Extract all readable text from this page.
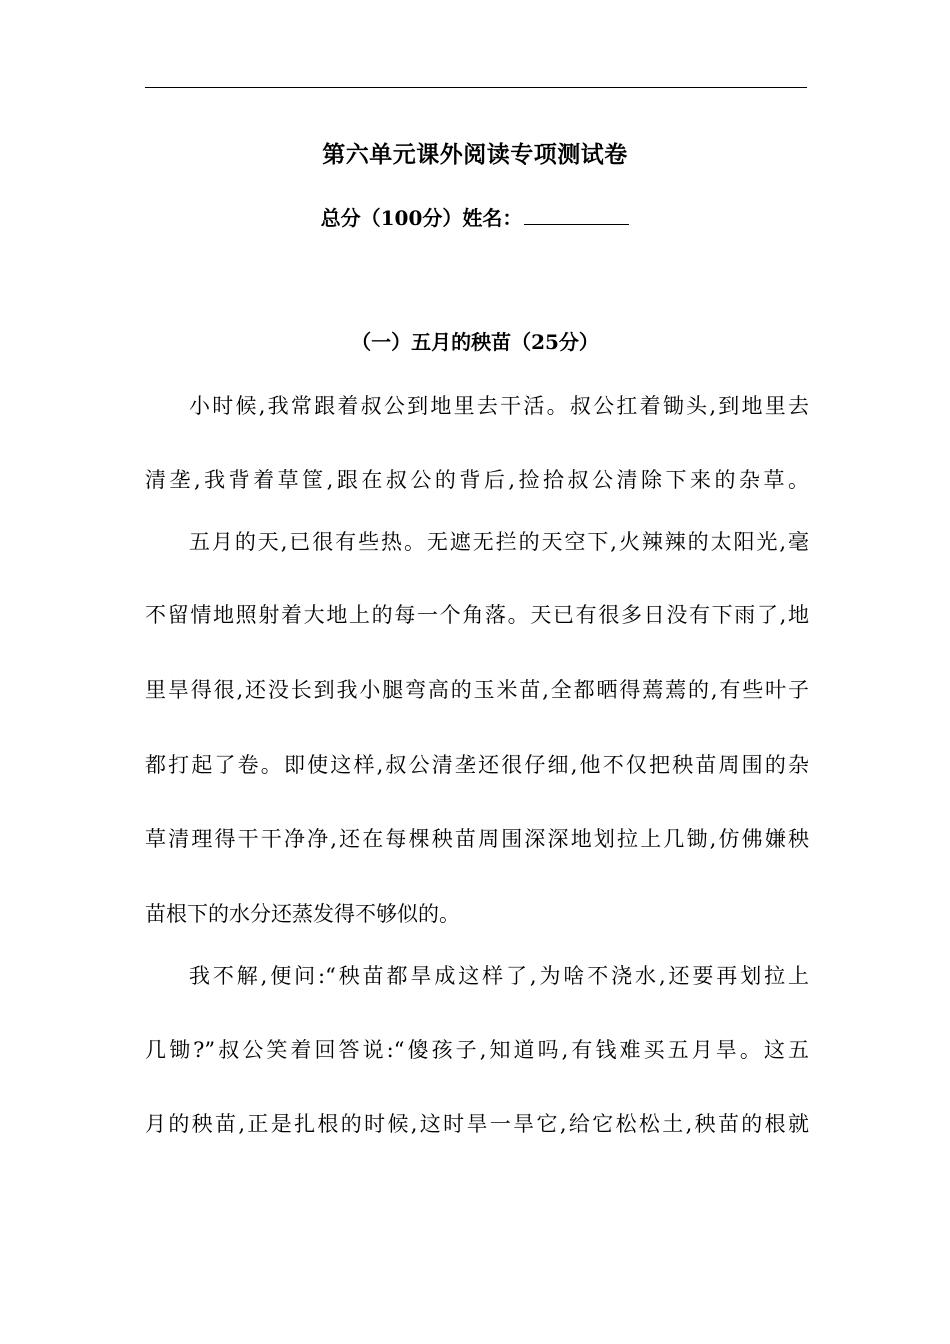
第六单元课外阅读专项测试卷
总分（100分）姓名：
（一）五月的秧苗（25分）
小时候,我常跟着叔公到地里去干活。叔公扛着锄头,到地里去
清垄,我背着草筐,跟在叔公的背后,捡拾叔公清除下来的杂草。
五月的天,已很有些热。无遮无拦的天空下,火辣辣的太阳光,毫
不留情地照射着大地上的每一个角落。天已有很多日没有下雨了,地
里旱得很,还没长到我小腿弯高的玉米苗,全都晒得蔫蔫的,有些叶子
都打起了卷。即使这样,叔公清垄还很仔细,他不仅把秧苗周围的杂
草清理得干干净净,还在每棵秧苗周围深深地划拉上几锄,仿佛嫌秧
苗根下的水分还蒸发得不够似的。
我不解,便问:“秧苗都旱成这样了,为啥不浇水,还要再划拉上
几锄?”叔公笑着回答说:“傻孩子,知道吗,有钱难买五月旱。这五
月的秧苗,正是扎根的时候,这时旱一旱它,给它松松土,秧苗的根就
